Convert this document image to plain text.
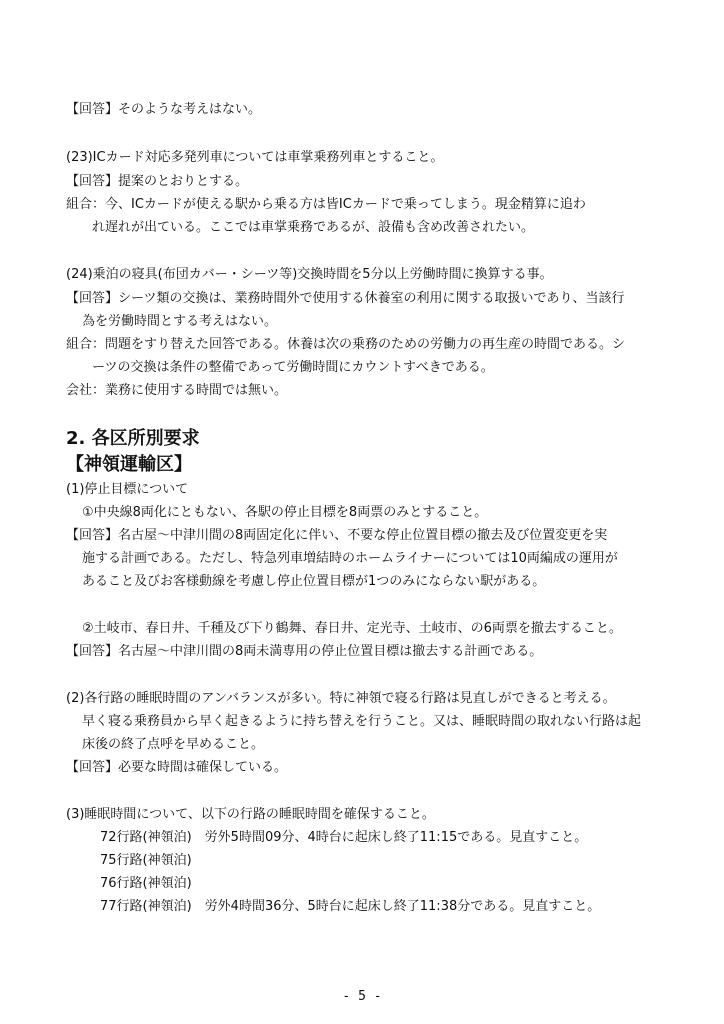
【回答】そのような考えはない。
(23)ICカード対応多発列車については車掌乗務列車とすること。
【回答】提案のとおりとする。
組合：今、ICカードが使える駅から乗る方は皆ICカードで乗ってしまう。現金精算に追わ
れ遅れが出ている。ここでは車掌乗務であるが、設備も含め改善されたい。
(24)乗泊の寝具(布団カバー・シーツ等)交換時間を5分以上労働時間に換算する事。
【回答】シーツ類の交換は、業務時間外で使用する休養室の利用に関する取扱いであり、当該行
為を労働時間とする考えはない。
組合：問題をすり替えた回答である。休養は次の乗務のための労働力の再生産の時間である。シ
ーツの交換は条件の整備であって労働時間にカウントすべきである。
会社：業務に使用する時間では無い。
2. 各区所別要求
【神領運輸区】
(1)停止目標について
①中央線8両化にともない、各駅の停止目標を8両票のみとすること。
【回答】名古屋～中津川間の8両固定化に伴い、不要な停止位置目標の撤去及び位置変更を実
施する計画である。ただし、特急列車増結時のホームライナーについては10両編成の運用が
あること及びお客様動線を考慮し停止位置目標が1つのみにならない駅がある。
②土岐市、春日井、千種及び下り鶴舞、春日井、定光寺、土岐市、の6両票を撤去すること。
【回答】名古屋～中津川間の8両未満専用の停止位置目標は撤去する計画である。
(2)各行路の睡眠時間のアンバランスが多い。特に神領で寝る行路は見直しができると考える。
早く寝る乗務員から早く起きるように持ち替えを行うこと。又は、睡眠時間の取れない行路は起
床後の終了点呼を早めること。
【回答】必要な時間は確保している。
(3)睡眠時間について、以下の行路の睡眠時間を確保すること。
72行路(神領泊)　労外5時間09分、4時台に起床し終了11:15である。見直すこと。
75行路(神領泊)
76行路(神領泊)
77行路(神領泊)　労外4時間36分、5時台に起床し終了11:38分である。見直すこと。
- 5 -
